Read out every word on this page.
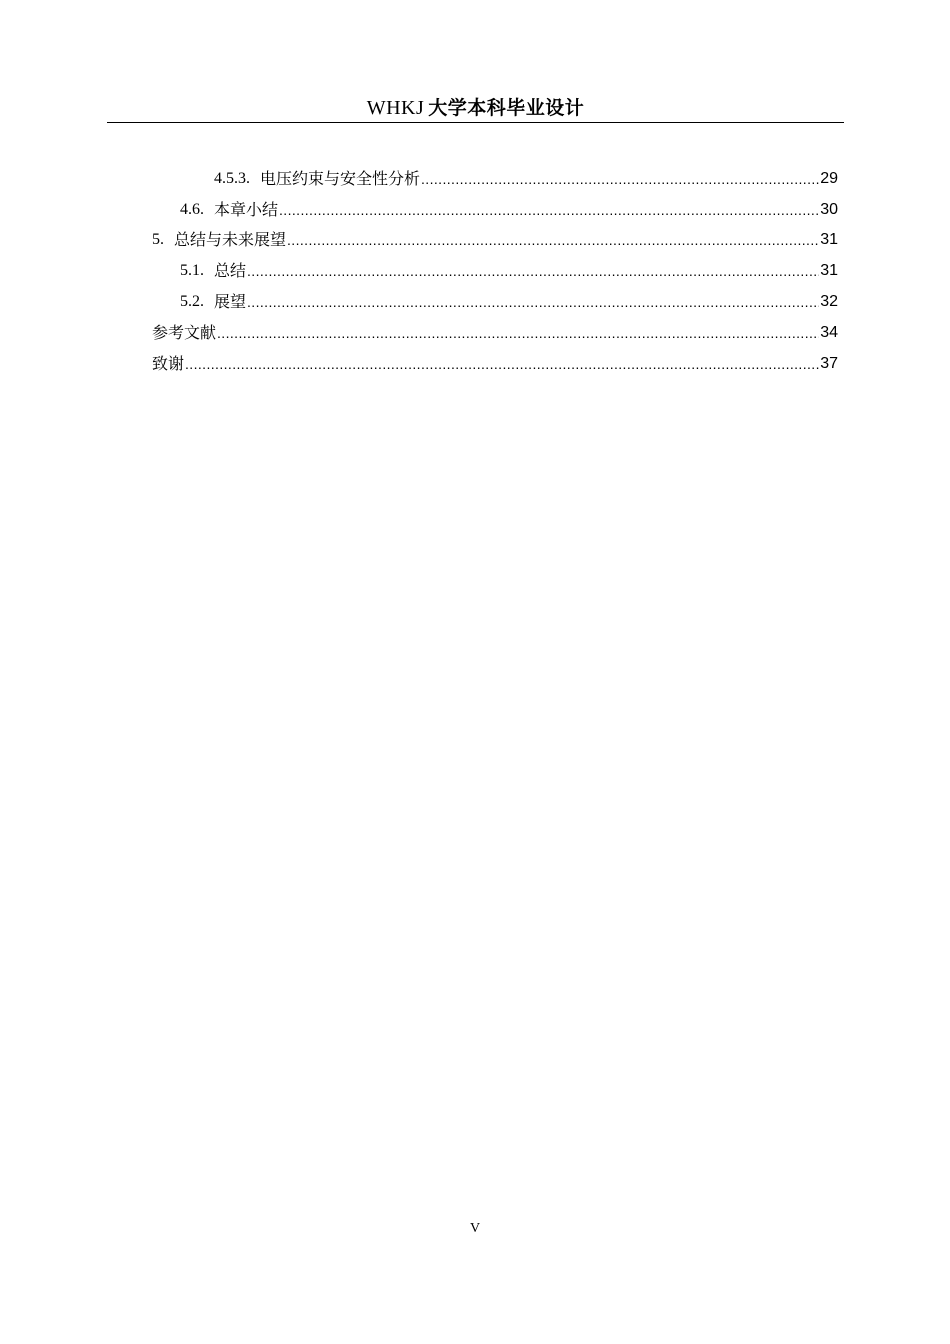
WHKJ 大学本科毕业设计
4.5.3. 电压约束与安全性分析 .....	29
4.6. 本章小结 .....	30
5. 总结与未来展望 .....	31
5.1. 总结 .....	31
5.2. 展望 .....	32
参考文献 .....	34
致谢 .....	37
V
